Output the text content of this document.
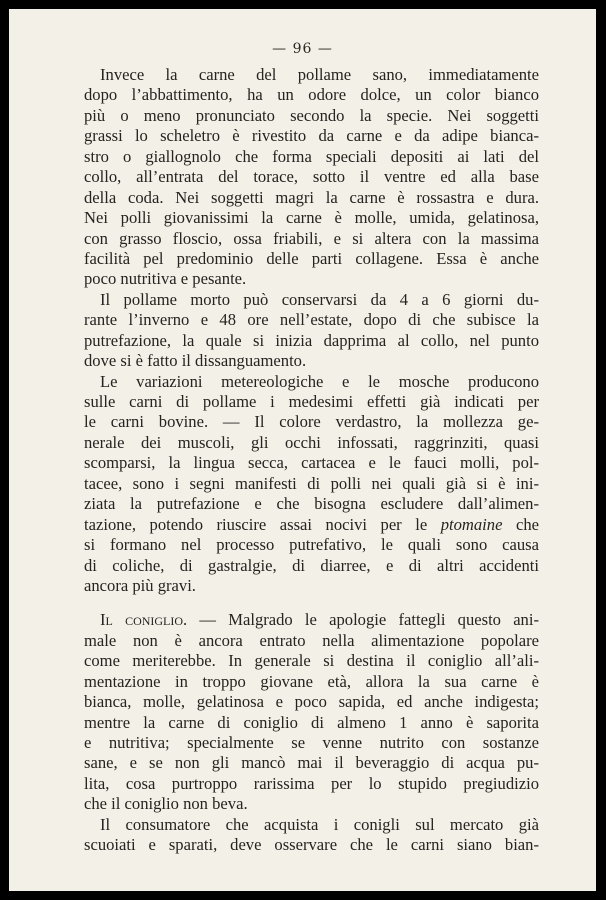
— 96 —
Invece la carne del pollame sano, immediatamente
dopo l’abbattimento, ha un odore dolce, un color bianco
più o meno pronunciato secondo la specie. Nei soggetti
grassi lo scheletro è rivestito da carne e da adipe bianca-
stro o giallognolo che forma speciali depositi ai lati del
collo, all’entrata del torace, sotto il ventre ed alla base
della coda. Nei soggetti magri la carne è rossastra e dura.
Nei polli giovanissimi la carne è molle, umida, gelatinosa,
con grasso floscio, ossa friabili, e si altera con la massima
facilità pel predominio delle parti collagene. Essa è anche
poco nutritiva e pesante.
Il pollame morto può conservarsi da 4 a 6 giorni du-
rante l’inverno e 48 ore nell’estate, dopo di che subisce la
putrefazione, la quale si inizia dapprima al collo, nel punto
dove si è fatto il dissanguamento.
Le variazioni metereologiche e le mosche producono
sulle carni di pollame i medesimi effetti già indicati per
le carni bovine. — Il colore verdastro, la mollezza ge-
nerale dei muscoli, gli occhi infossati, raggrinziti, quasi
scomparsi, la lingua secca, cartacea e le fauci molli, pol-
tacee, sono i segni manifesti di polli nei quali già si è ini-
ziata la putrefazione e che bisogna escludere dall’alimen-
tazione, potendo riuscire assai nocivi per le ptomaine che
si formano nel processo putrefativo, le quali sono causa
di coliche, di gastralgie, di diarree, e di altri accidenti
ancora più gravi.
Il coniglio. — Malgrado le apologie fattegli questo ani-
male non è ancora entrato nella alimentazione popolare
come meriterebbe. In generale si destina il coniglio all’ali-
mentazione in troppo giovane età, allora la sua carne è
bianca, molle, gelatinosa e poco sapida, ed anche indigesta;
mentre la carne di coniglio di almeno 1 anno è saporita
e nutritiva; specialmente se venne nutrito con sostanze
sane, e se non gli mancò mai il beveraggio di acqua pu-
lita, cosa purtroppo rarissima per lo stupido pregiudizio
che il coniglio non beva.
Il consumatore che acquista i conigli sul mercato già
scuoiati e sparati, deve osservare che le carni siano bian-
